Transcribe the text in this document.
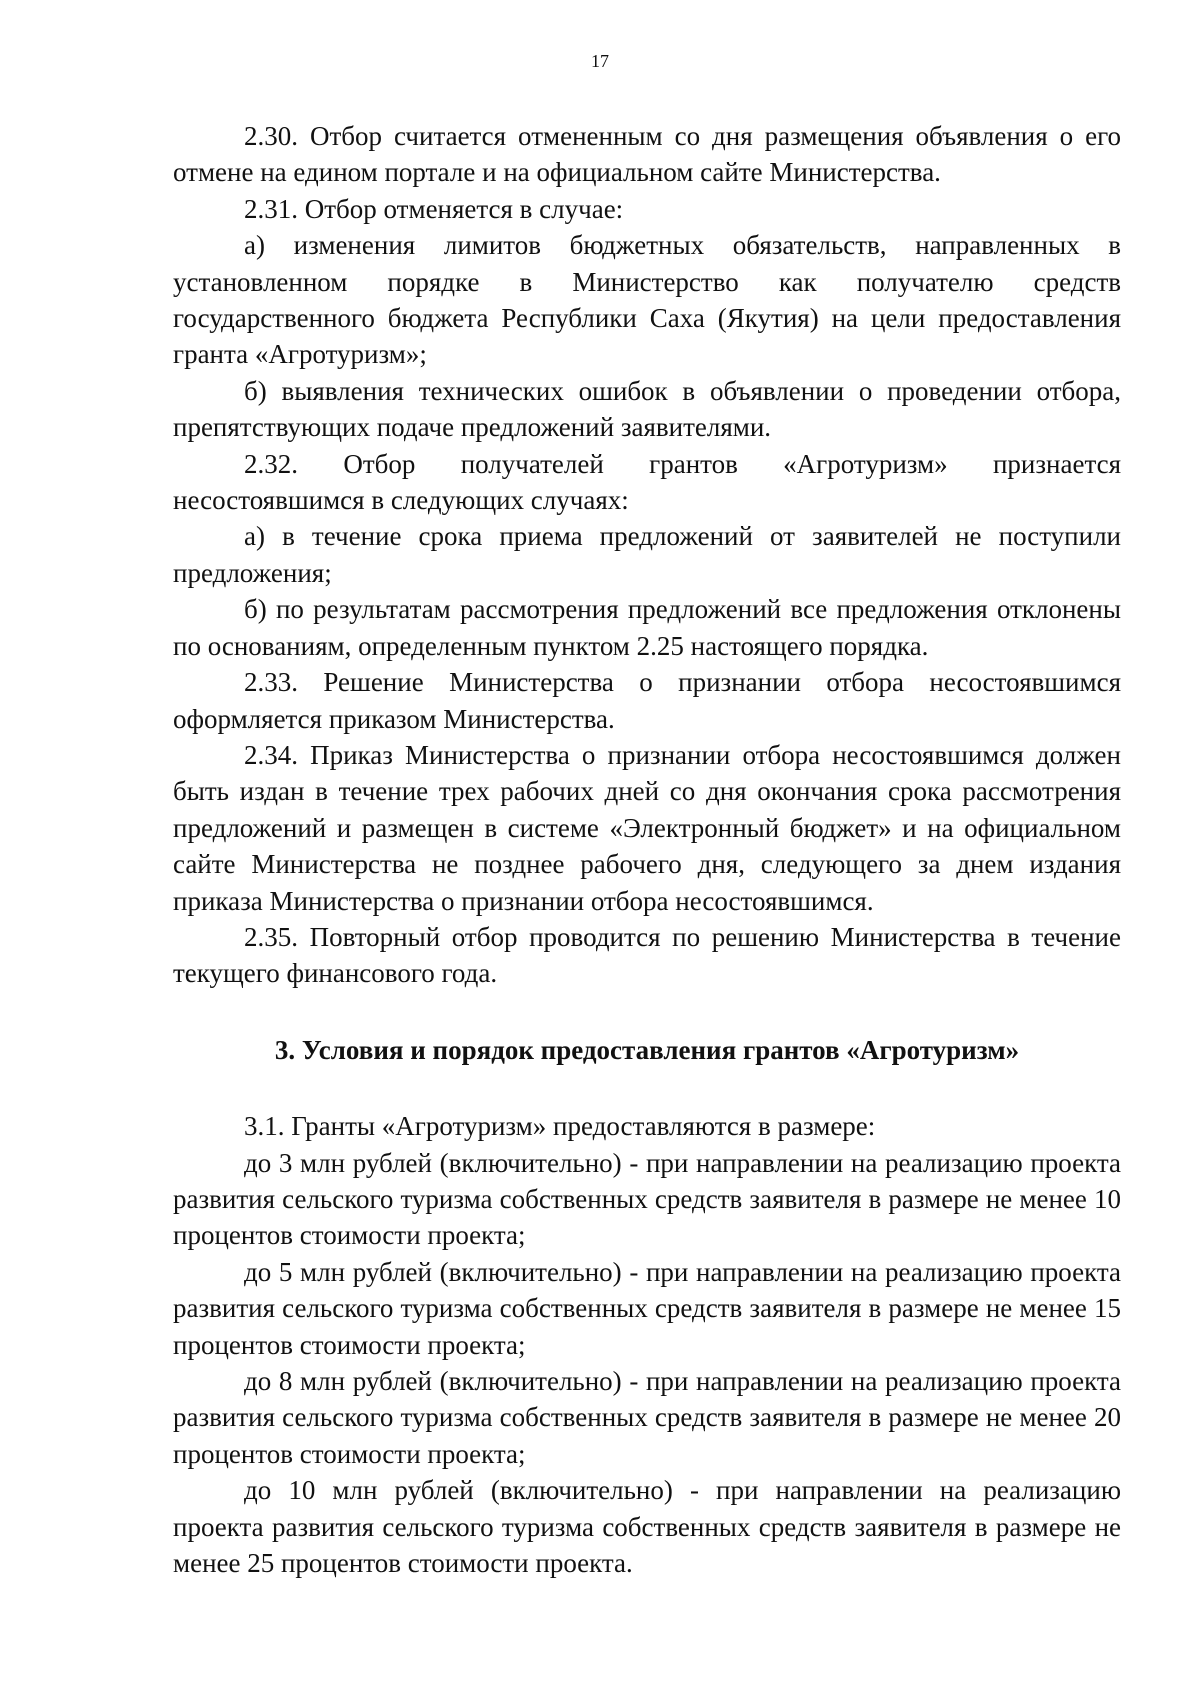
17

2.30. Отбор считается отмененным со дня размещения объявления о его отмене на едином портале и на официальном сайте Министерства.

2.31. Отбор отменяется в случае:

а) изменения лимитов бюджетных обязательств, направленных в установленном порядке в Министерство как получателю средств государственного бюджета Республики Саха (Якутия) на цели предоставления гранта «Агротуризм»;

б) выявления технических ошибок в объявлении о проведении отбора, препятствующих подаче предложений заявителями.

2.32. Отбор получателей грантов «Агротуризм» признается несостоявшимся в следующих случаях:

а) в течение срока приема предложений от заявителей не поступили предложения;

б) по результатам рассмотрения предложений все предложения отклонены по основаниям, определенным пунктом 2.25 настоящего порядка.

2.33. Решение Министерства о признании отбора несостоявшимся оформляется приказом Министерства.

2.34. Приказ Министерства о признании отбора несостоявшимся должен быть издан в течение трех рабочих дней со дня окончания срока рассмотрения предложений и размещен в системе «Электронный бюджет» и на официальном сайте Министерства не позднее рабочего дня, следующего за днем издания приказа Министерства о признании отбора несостоявшимся.

2.35. Повторный отбор проводится по решению Министерства в течение текущего финансового года.

3. Условия и порядок предоставления грантов «Агротуризм»

3.1. Гранты «Агротуризм» предоставляются в размере:

до 3 млн рублей (включительно) - при направлении на реализацию проекта развития сельского туризма собственных средств заявителя в размере не менее 10 процентов стоимости проекта;

до 5 млн рублей (включительно) - при направлении на реализацию проекта развития сельского туризма собственных средств заявителя в размере не менее 15 процентов стоимости проекта;

до 8 млн рублей (включительно) - при направлении на реализацию проекта развития сельского туризма собственных средств заявителя в размере не менее 20 процентов стоимости проекта;

до 10 млн рублей (включительно) - при направлении на реализацию проекта развития сельского туризма собственных средств заявителя в размере не менее 25 процентов стоимости проекта.
